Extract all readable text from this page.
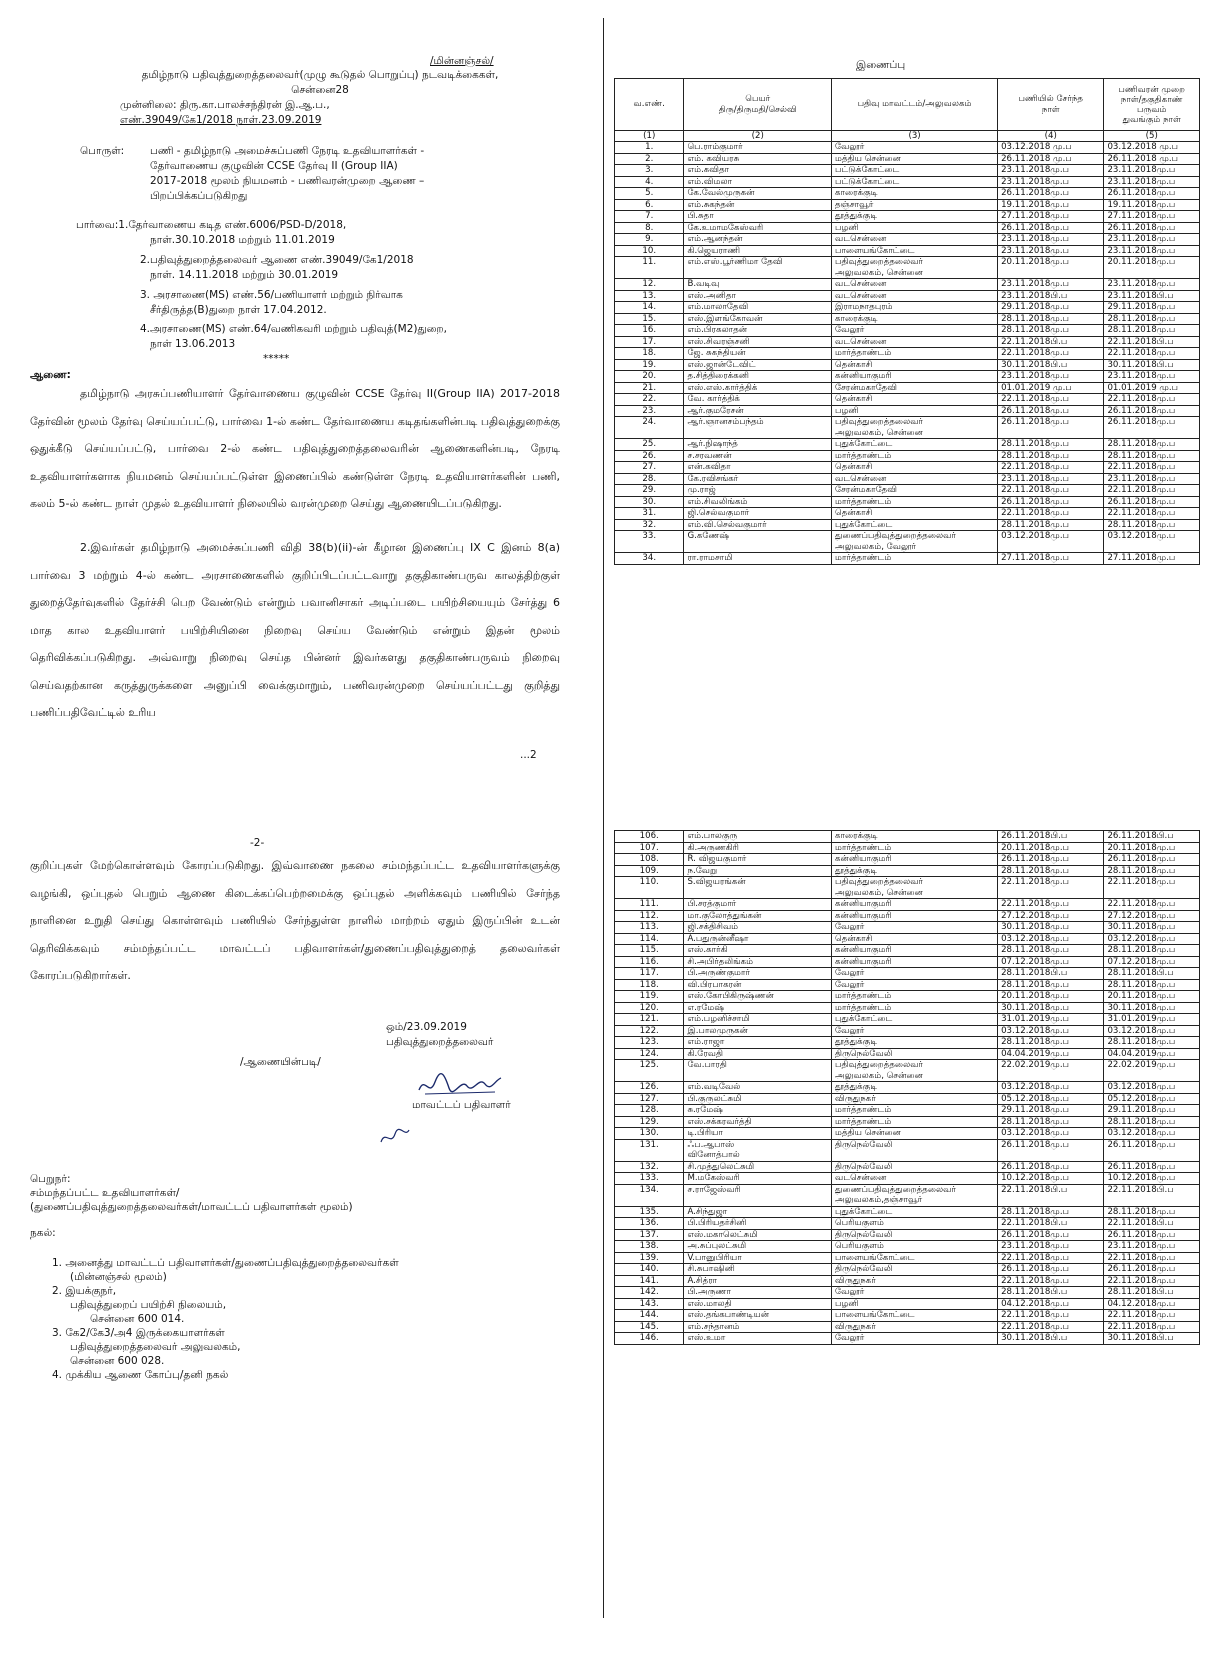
/மின்னஞ்சல்/
தமிழ்நாடு பதிவுத்துறைத்தலைவர்(முழு கூடுதல் பொறுப்பு) நடவடிக்கைகள்,
சென்னை28
முன்னிலை: திரு.கா.பாலச்சந்திரன் இ.ஆ.ப.,
எண்.39049/கே1/2018 நாள்.23.09.2019
பொருள்: பணி - தமிழ்நாடு அமைச்சுப்பணி நேரடி உதவியாளர்கள் -
தேர்வாணைய குழுவின் CCSE தேர்வு II (Group IIA)
2017-2018 மூலம் நியமனம் - பணிவரன்முறை ஆணை –
பிறப்பிக்கப்படுகிறது
பார்வை:1.தேர்வாணைய கடித எண்.6006/PSD-D/2018,
நாள்.30.10.2018 மற்றும் 11.01.2019
2.பதிவுத்துறைத்தலைவர் ஆணை எண்.39049/கே1/2018
நாள். 14.11.2018 மற்றும் 30.01.2019
3. அரசாணை(MS) எண்.56/பணியாளர் மற்றும் நிர்வாக
சீர்திருத்த(B)துறை நாள் 17.04.2012.
4.அரசாணை(MS) எண்.64/வணிகவரி மற்றும் பதிவுத்(M2)துறை,
நாள் 13.06.2013
*****
ஆணை:
தமிழ்நாடு அரசுப்பணியாளர் தேர்வாணைய குழுவின் CCSE தேர்வு II(Group IIA) 2017-2018 தேர்வின் மூலம் தேர்வு செய்யப்பட்டு, பார்வை 1-ல் கண்ட தேர்வாணைய கடிதங்களின்படி பதிவுத்துறைக்கு ஒதுக்கீடு செய்யப்பட்டு, பார்வை 2-ல் கண்ட பதிவுத்துறைத்தலைவரின் ஆணைகளின்படி, நேரடி உதவியாளர்களாக நியமனம் செய்யப்பட்டுள்ள இணைப்பில் கண்டுள்ள நேரடி உதவியாளர்களின் பணி, கலம் 5-ல் கண்ட நாள் முதல் உதவியாளர் நிலையில் வரன்முறை செய்து ஆணையிடப்படுகிறது.
2.இவர்கள் தமிழ்நாடு அமைச்சுப்பணி விதி 38(b)(ii)-ன் கீழான இணைப்பு IX C இனம் 8(a) பார்வை 3 மற்றும் 4-ல் கண்ட அரசாணைகளில் குறிப்பிடப்பட்டவாறு தகுதிகாண்பருவ காலத்திற்குள் துறைத்தேர்வுகளில் தேர்ச்சி பெற வேண்டும் என்றும் பவானிசாகர் அடிப்படை பயிற்சியையும் சேர்த்து 6 மாத கால உதவியாளர் பயிற்சியினை நிறைவு செய்ய வேண்டும் என்றும் இதன் மூலம் தெரிவிக்கப்படுகிறது. அவ்வாறு நிறைவு செய்த பின்னர் இவர்களது தகுதிகாண்பருவம் நிறைவு செய்வதற்கான கருத்துருக்களை அனுப்பி வைக்குமாறும், பணிவரன்முறை செய்யப்பட்டது குறித்து பணிப்பதிவேட்டில் உரிய
...2
-2-
குறிப்புகள் மேற்கொள்ளவும் கோரப்படுகிறது. இவ்வாணை நகலை சம்மந்தப்பட்ட உதவியாளர்களுக்கு வழங்கி, ஒப்புதல் பெறும் ஆணை கிடைக்கப்பெற்றமைக்கு ஒப்புதல் அளிக்கவும் பணியில் சேர்ந்த நாளினை உறுதி செய்து கொள்ளவும் பணியில் சேர்ந்துள்ள நாளில் மாற்றம் ஏதும் இருப்பின் உடன் தெரிவிக்கவும் சம்மந்தப்பட்ட மாவட்டப் பதிவாளர்கள்/துணைப்பதிவுத்துறைத் தலைவர்கள் கோரப்படுகிறார்கள்.
ஒம்/23.09.2019
பதிவுத்துறைத்தலைவர்
/ஆணையின்படி/
மாவட்டப் பதிவாளர்
பெறுநர்:
சம்மந்தப்பட்ட உதவியாளர்கள்/
(துணைப்பதிவுத்துறைத்தலைவர்கள்/மாவட்டப் பதிவாளர்கள் மூலம்)
நகல்:
1. அனைத்து மாவட்டப் பதிவாளர்கள்/துணைப்பதிவுத்துறைத்தலைவர்கள்
(மின்னஞ்சல் மூலம்)
2. இயக்குநர்,
பதிவுத்துறைப் பயிற்சி நிலையம்,
சென்னை 600 014.
3. கே2/கே3/அ4 இருக்கையாளர்கள்
பதிவுத்துறைத்தலைவர் அலுவலகம்,
சென்னை 600 028.
4. முக்கிய ஆணை கோப்பு/தனி நகல்
இணைப்பு
வ.எண்.	பெயர்
திரு/திருமதி/செல்வி	பதிவு மாவட்டம்/அலுவலகம்	பணியில் சேர்ந்த
நாள்	பணிவரன் முறை
நாள்/தகுதிகாண்
பருவம்
துவங்கும் நாள்
(1)	(2)	(3)	(4)	(5)
1.	பெ.ராம்குமார்	வேலூர்	03.12.2018 மு.ப	03.12.2018 மு.ப
2.	எம். கவியரசு	மத்திய சென்னை	26.11.2018 மு.ப	26.11.2018 மு.ப
3.	எம்.கவிதா	பட்டுக்கோட்டை	23.11.2018மு.ப	23.11.2018மு.ப
4.	எம்.விமலா	பட்டுக்கோட்டை	23.11.2018மு.ப	23.11.2018மு.ப
5.	கே.வேல்முருகன்	காரைக்குடி	26.11.2018மு.ப	26.11.2018மு.ப
6.	எம்.சுகந்தன்	தஞ்சாவூர்	19.11.2018மு.ப	19.11.2018மு.ப
7.	பி.சுதா	தூத்துக்குடி	27.11.2018மு.ப	27.11.2018மு.ப
8.	கே.உமாமகேஸ்வரி	பழனி	26.11.2018மு.ப	26.11.2018மு.ப
9.	எம்.ஆனந்தன்	வடசென்னை	23.11.2018மு.ப	23.11.2018மு.ப
10.	கி.ஜெயராணி	பாளையங்கோட்டை	23.11.2018மு.ப	23.11.2018மு.ப
11.	எம்.எஸ்.பூர்ணிமா தேவி	பதிவுத்துறைத்தலைவர்
அலுவலகம், சென்னை	20.11.2018மு.ப	20.11.2018மு.ப
12.	B.வடிவு	வடசென்னை	23.11.2018மு.ப	23.11.2018மு.ப
13.	எஸ்.அனிதா	வடசென்னை	23.11.2018பி.ப	23.11.2018பி.ப
14.	எம்.மாலாதேவி	இராமநாதபுரம்	29.11.2018மு.ப	29.11.2018மு.ப
15.	எஸ்.இளங்கோவன்	காரைக்குடி	28.11.2018மு.ப	28.11.2018மு.ப
16.	எம்.பிரகலாதன்	வேலூர்	28.11.2018மு.ப	28.11.2018மு.ப
17.	எஸ்.சிவரஞ்சனி	வடசென்னை	22.11.2018பி.ப	22.11.2018பி.ப
18.	ஜே. சுகந்தியன்	மார்த்தாண்டம்	22.11.2018மு.ப	22.11.2018மு.ப
19.	எஸ்.ஜான்டேவிட்	தென்காசி	30.11.2018பி.ப	30.11.2018பி.ப
20.	த.சித்திரைக்கனி	கன்னியாகுமரி	23.11.2018மு.ப	23.11.2018மு.ப
21.	எஸ்.எஸ்.கார்த்திக்	சேரன்மகாதேவி	01.01.2019 மு.ப	01.01.2019 மு.ப
22.	வே. கார்த்திக்	தென்காசி	22.11.2018மு.ப	22.11.2018மு.ப
23.	ஆர்.குமரேசன்	பழனி	26.11.2018மு.ப	26.11.2018மு.ப
24.	ஆர்.ஞானசம்பந்தம்	பதிவுத்துறைத்தலைவர்
அலுவலகம், சென்னை	26.11.2018மு.ப	26.11.2018மு.ப
25.	ஆர்.நிஷாந்த்	புதுக்கோட்டை	28.11.2018மு.ப	28.11.2018மு.ப
26.	ச.சரவணன்	மார்த்தாண்டம்	28.11.2018மு.ப	28.11.2018மு.ப
27.	என்.கவிதா	தென்காசி	22.11.2018மு.ப	22.11.2018மு.ப
28.	கே.ரவிசங்கர்	வடசென்னை	23.11.2018மு.ப	23.11.2018மு.ப
29.	மு.ராஜ்	சேரன்மகாதேவி	22.11.2018மு.ப	22.11.2018மு.ப
30.	எம்.சிவலிங்கம்	மார்த்தாண்டம்	26.11.2018மு.ப	26.11.2018மு.ப
31.	ஜி.செல்வகுமார்	தென்காசி	22.11.2018மு.ப	22.11.2018மு.ப
32.	எம்.வி.செல்வகுமார்	புதுக்கோட்டை	28.11.2018மு.ப	28.11.2018மு.ப
33.	G.கணேஷ்	துணைப்பதிவுத்துறைத்தலைவர்
அலுவலகம், வேலூர்	03.12.2018மு.ப	03.12.2018மு.ப
34.	ரா.ராமசாமி	மார்த்தாண்டம்	27.11.2018மு.ப	27.11.2018மு.ப
106.	எம்.பாலகுரு	காரைக்குடி	26.11.2018பி.ப	26.11.2018பி.ப
107.	கி.அருணகிரி	மார்த்தாண்டம்	20.11.2018மு.ப	20.11.2018மு.ப
108.	R. விஜயகுமார்	கன்னியாகுமரி	26.11.2018மு.ப	26.11.2018மு.ப
109.	ந.வேறு	தூத்துக்குடி	28.11.2018மு.ப	28.11.2018மு.ப
110.	S.விஜயரங்கன்	பதிவுத்துறைத்தலைவர்
அலுவலகம், சென்னை	22.11.2018மு.ப	22.11.2018மு.ப
111.	பி.சரத்குமார்	கன்னியாகுமரி	22.11.2018மு.ப	22.11.2018மு.ப
112.	மா.குலோத்துங்கன்	கன்னியாகுமரி	27.12.2018மு.ப	27.12.2018மு.ப
113.	ஜி.சக்திசிவம்	வேலூர்	30.11.2018மு.ப	30.11.2018மு.ப
114.	A.பதுருன்னீஷா	தென்காசி	03.12.2018மு.ப	03.12.2018மு.ப
115.	எஸ்.கார்கி	கன்னியாகுமரி	28.11.2018மு.ப	28.11.2018மு.ப
116.	சி.அபிர்தலிங்கம்	கன்னியாகுமரி	07.12.2018மு.ப	07.12.2018மு.ப
117.	பி.அருண்குமார்	வேலூர்	28.11.2018பி.ப	28.11.2018பி.ப
118.	வி.பிரபாகரன்	வேலூர்	28.11.2018மு.ப	28.11.2018மு.ப
119.	எஸ்.கோபிகிருஷ்ணன்	மார்த்தாண்டம்	20.11.2018மு.ப	20.11.2018மு.ப
120.	எ.ரமேஷ்	மார்த்தாண்டம்	30.11.2018மு.ப	30.11.2018மு.ப
121.	எம்.பழனிச்சாமி	புதுக்கோட்டை	31.01.2019மு.ப	31.01.2019மு.ப
122.	இ.பாலமுருகன்	வேலூர்	03.12.2018மு.ப	03.12.2018மு.ப
123.	எம்.ராஜா	தூத்துக்குடி	28.11.2018மு.ப	28.11.2018மு.ப
124.	கி.ரேவதி	திருநெல்வேலி	04.04.2019மு.ப	04.04.2019மு.ப
125.	வே.பாரதி	பதிவுத்துறைத்தலைவர்
அலுவலகம், சென்னை	22.02.2019மு.ப	22.02.2019மு.ப
126.	எம்.வடிவேல்	தூத்துக்குடி	03.12.2018மு.ப	03.12.2018மு.ப
127.	பி.குருலட்சுமி	விருதுநகர்	05.12.2018மு.ப	05.12.2018மு.ப
128.	சு.ரமேஷ்	மார்த்தாண்டம்	29.11.2018மு.ப	29.11.2018மு.ப
129.	எஸ்.சக்கரவர்த்தி	மார்த்தாண்டம்	28.11.2018மு.ப	28.11.2018மு.ப
130.	டி.பிரியா	மத்திய சென்னை	03.12.2018மு.ப	03.12.2018மு.ப
131.	ஃப.ஆபாஸ்
வினோத்பால்	திருநெல்வேலி	26.11.2018மு.ப	26.11.2018மு.ப
132.	சி.முத்துலெட்சுமி	திருநெல்வேலி	26.11.2018மு.ப	26.11.2018மு.ப
133.	M.மகேஸ்வரி	வடசென்னை	10.12.2018மு.ப	10.12.2018மு.ப
134.	ச.ராஜேஸ்வரி	துணைப்பதிவுத்துறைத்தலைவர்
அலுவலகம்,தஞ்சாவூர்	22.11.2018பி.ப	22.11.2018பி.ப
135.	A.சிந்துஜா	புதுக்கோட்டை	28.11.2018மு.ப	28.11.2018மு.ப
136.	பி.பிரியதர்சினி	பெரியகுளம்	22.11.2018பி.ப	22.11.2018பி.ப
137.	எஸ்.மகாலெட்சுமி	திருநெல்வேலி	26.11.2018மு.ப	26.11.2018மு.ப
138.	அ.சுப்புலட்சுமி	பெரியகுளம்	23.11.2018மு.ப	23.11.2018மு.ப
139.	V.பானுபிரியா	பாளையங்கோட்டை	22.11.2018மு.ப	22.11.2018மு.ப
140.	சி.சுபாஷினி	திருநெல்வேலி	26.11.2018மு.ப	26.11.2018மு.ப
141.	A.சித்ரா	விருதுநகர்	22.11.2018மு.ப	22.11.2018மு.ப
142.	பி.அருணா	வேலூர்	28.11.2018பி.ப	28.11.2018பி.ப
143.	எஸ்.மாலதி	பழனி	04.12.2018மு.ப	04.12.2018மு.ப
144.	எஸ்.தங்கபாண்டியன்	பாளையங்கோட்டை	22.11.2018மு.ப	22.11.2018மு.ப
145.	எம்.சந்தானம்	விருதுநகர்	22.11.2018மு.ப	22.11.2018மு.ப
146.	எஸ்.உமா	வேலூர்	30.11.2018பி.ப	30.11.2018பி.ப
